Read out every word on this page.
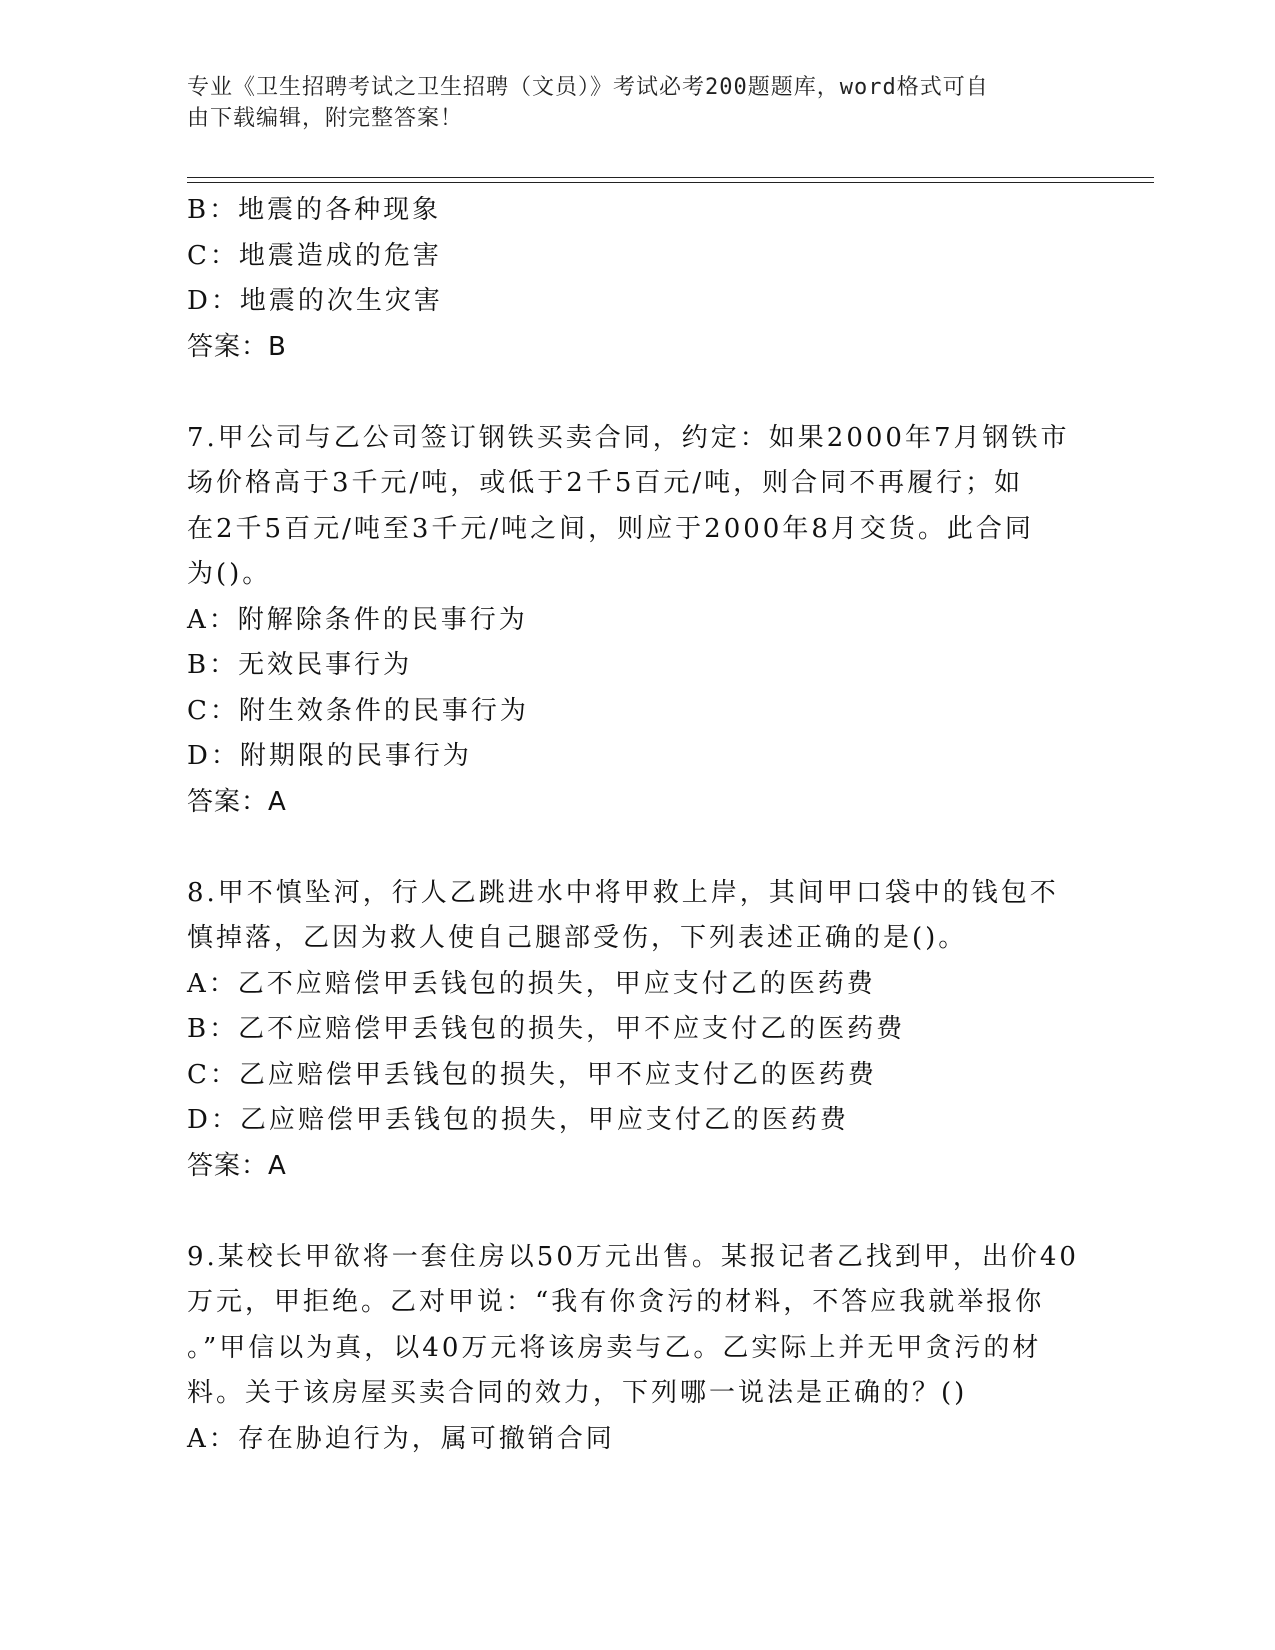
专业《卫生招聘考试之卫生招聘（文员）》考试必考200题题库，word格式可自
由下载编辑，附完整答案！

B：地震的各种现象

C：地震造成的危害

D：地震的次生灾害

答案：B

7.甲公司与乙公司签订钢铁买卖合同，约定：如果2000年7月钢铁市

场价格高于3千元/吨，或低于2千5百元/吨，则合同不再履行；如

在2千5百元/吨至3千元/吨之间，则应于2000年8月交货。此合同

为()。

A：附解除条件的民事行为

B：无效民事行为

C：附生效条件的民事行为

D：附期限的民事行为

答案：A

8.甲不慎坠河，行人乙跳进水中将甲救上岸，其间甲口袋中的钱包不

慎掉落，乙因为救人使自己腿部受伤，下列表述正确的是()。

A：乙不应赔偿甲丢钱包的损失，甲应支付乙的医药费

B：乙不应赔偿甲丢钱包的损失，甲不应支付乙的医药费

C：乙应赔偿甲丢钱包的损失，甲不应支付乙的医药费

D：乙应赔偿甲丢钱包的损失，甲应支付乙的医药费

答案：A

9.某校长甲欲将一套住房以50万元出售。某报记者乙找到甲，出价40

万元，甲拒绝。乙对甲说：“我有你贪污的材料，不答应我就举报你

。”甲信以为真，以40万元将该房卖与乙。乙实际上并无甲贪污的材

料。关于该房屋买卖合同的效力，下列哪一说法是正确的？()

A：存在胁迫行为，属可撤销合同
